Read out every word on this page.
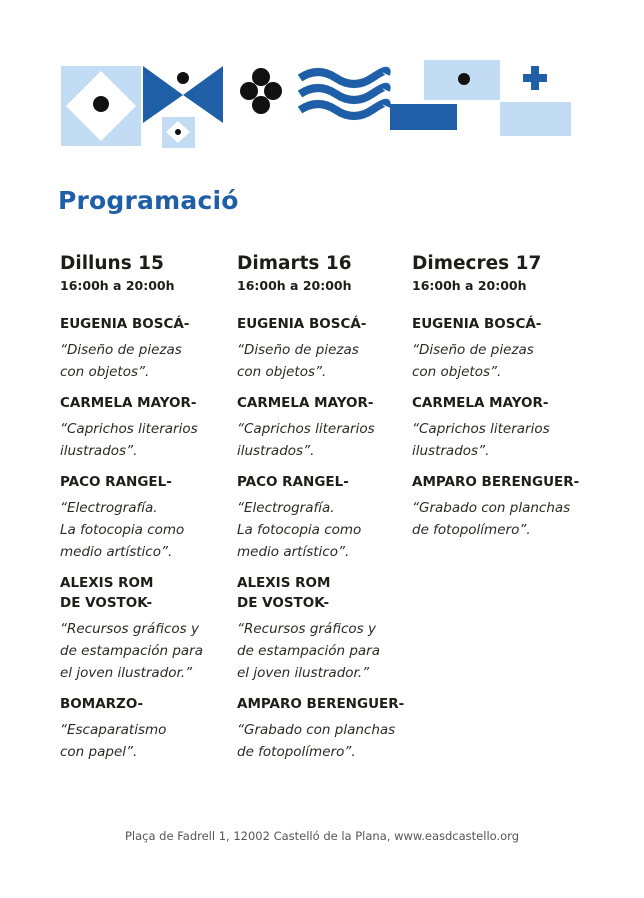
Programació

Dilluns 15

16:00h a 20:00h

EUGENIA BOSCÁ-

“Diseño de piezas
con objetos”.

CARMELA MAYOR-

“Caprichos literarios
ilustrados”.

PACO RANGEL-

“Electrografía.
La fotocopia como
medio artístico”.

ALEXIS ROM
DE VOSTOK-

“Recursos gráficos y
de estampación para
el joven ilustrador.”

BOMARZO-

“Escaparatismo
con papel”.

Dimarts 16

16:00h a 20:00h

EUGENIA BOSCÁ-

“Diseño de piezas
con objetos”.

CARMELA MAYOR-

“Caprichos literarios
ilustrados”.

PACO RANGEL-

“Electrografía.
La fotocopia como
medio artístico”.

ALEXIS ROM
DE VOSTOK-

“Recursos gráficos y
de estampación para
el joven ilustrador.”

AMPARO BERENGUER-

“Grabado con planchas
de fotopolímero”.

Dimecres 17

16:00h a 20:00h

EUGENIA BOSCÁ-

“Diseño de piezas
con objetos”.

CARMELA MAYOR-

“Caprichos literarios
ilustrados”.

AMPARO BERENGUER-

“Grabado con planchas
de fotopolímero”.

Plaça de Fadrell 1, 12002 Castelló de la Plana, www.easdcastello.org
